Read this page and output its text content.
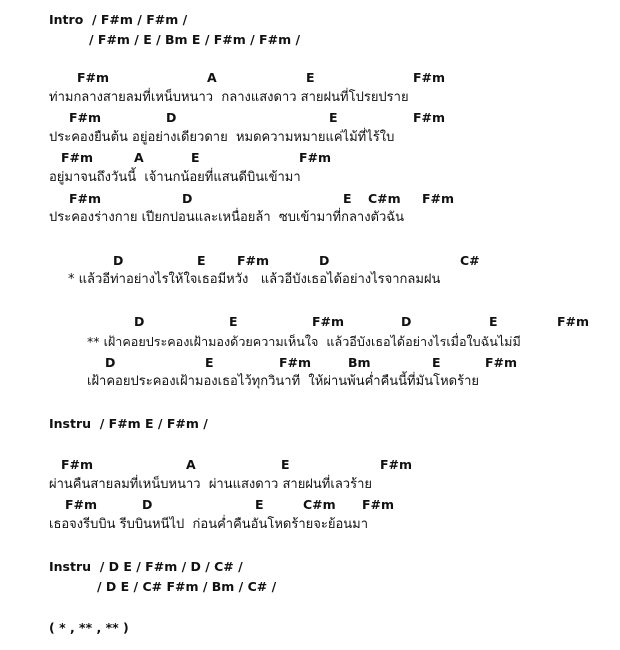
Intro  / F#m / F#m /
/ F#m / E / Bm E / F#m / F#m /
F#m	A	E	F#m
ท่ามกลางสายลมที่เหน็บหนาว  กลางแสงดาว สายฝนที่โปรยปราย
F#m	D	E	F#m
ประคองยืนต้น อยู่อย่างเดียวดาย  หมดความหมายแค่ไม้ที่ไร้ใบ
F#m	A	E	F#m
อยู่มาจนถึงวันนี้  เจ้านกน้อยที่แสนดีบินเข้ามา
F#m	D	E C#m F#m
ประคองร่างกาย เปียกปอนและเหนื่อยล้า  ซบเข้ามาที่กลางตัวฉัน
D	E	F#m	D	C#
* แล้วอีท่าอย่างไรให้ใจเธอมีหวัง   แล้วอีบังเธอได้อย่างไรจากลมฝน
D	E	F#m	D	E	F#m
** เฝ้าคอยประคองเฝ้ามองด้วยความเห็นใจ  แล้วอีบังเธอได้อย่างไรเมื่อใบฉันไม่มี
D	E	F#m	Bm	E	F#m
เฝ้าคอยประคองเฝ้ามองเธอไว้ทุกวินาที  ให้ผ่านพ้นค่ำคืนนี้ที่มันโหดร้าย
Instru  / F#m E / F#m /
F#m	A	E	F#m
ผ่านคืนสายลมที่เหน็บหนาว  ผ่านแสงดาว สายฝนที่เลวร้าย
F#m	D	E	C#m F#m
เธอจงรีบบิน รีบบินหนีไป  ก่อนค่ำคืนอันโหดร้ายจะย้อนมา
Instru  / D E / F#m / D / C# /
/ D E / C# F#m / Bm / C# /
( * , ** , ** )
